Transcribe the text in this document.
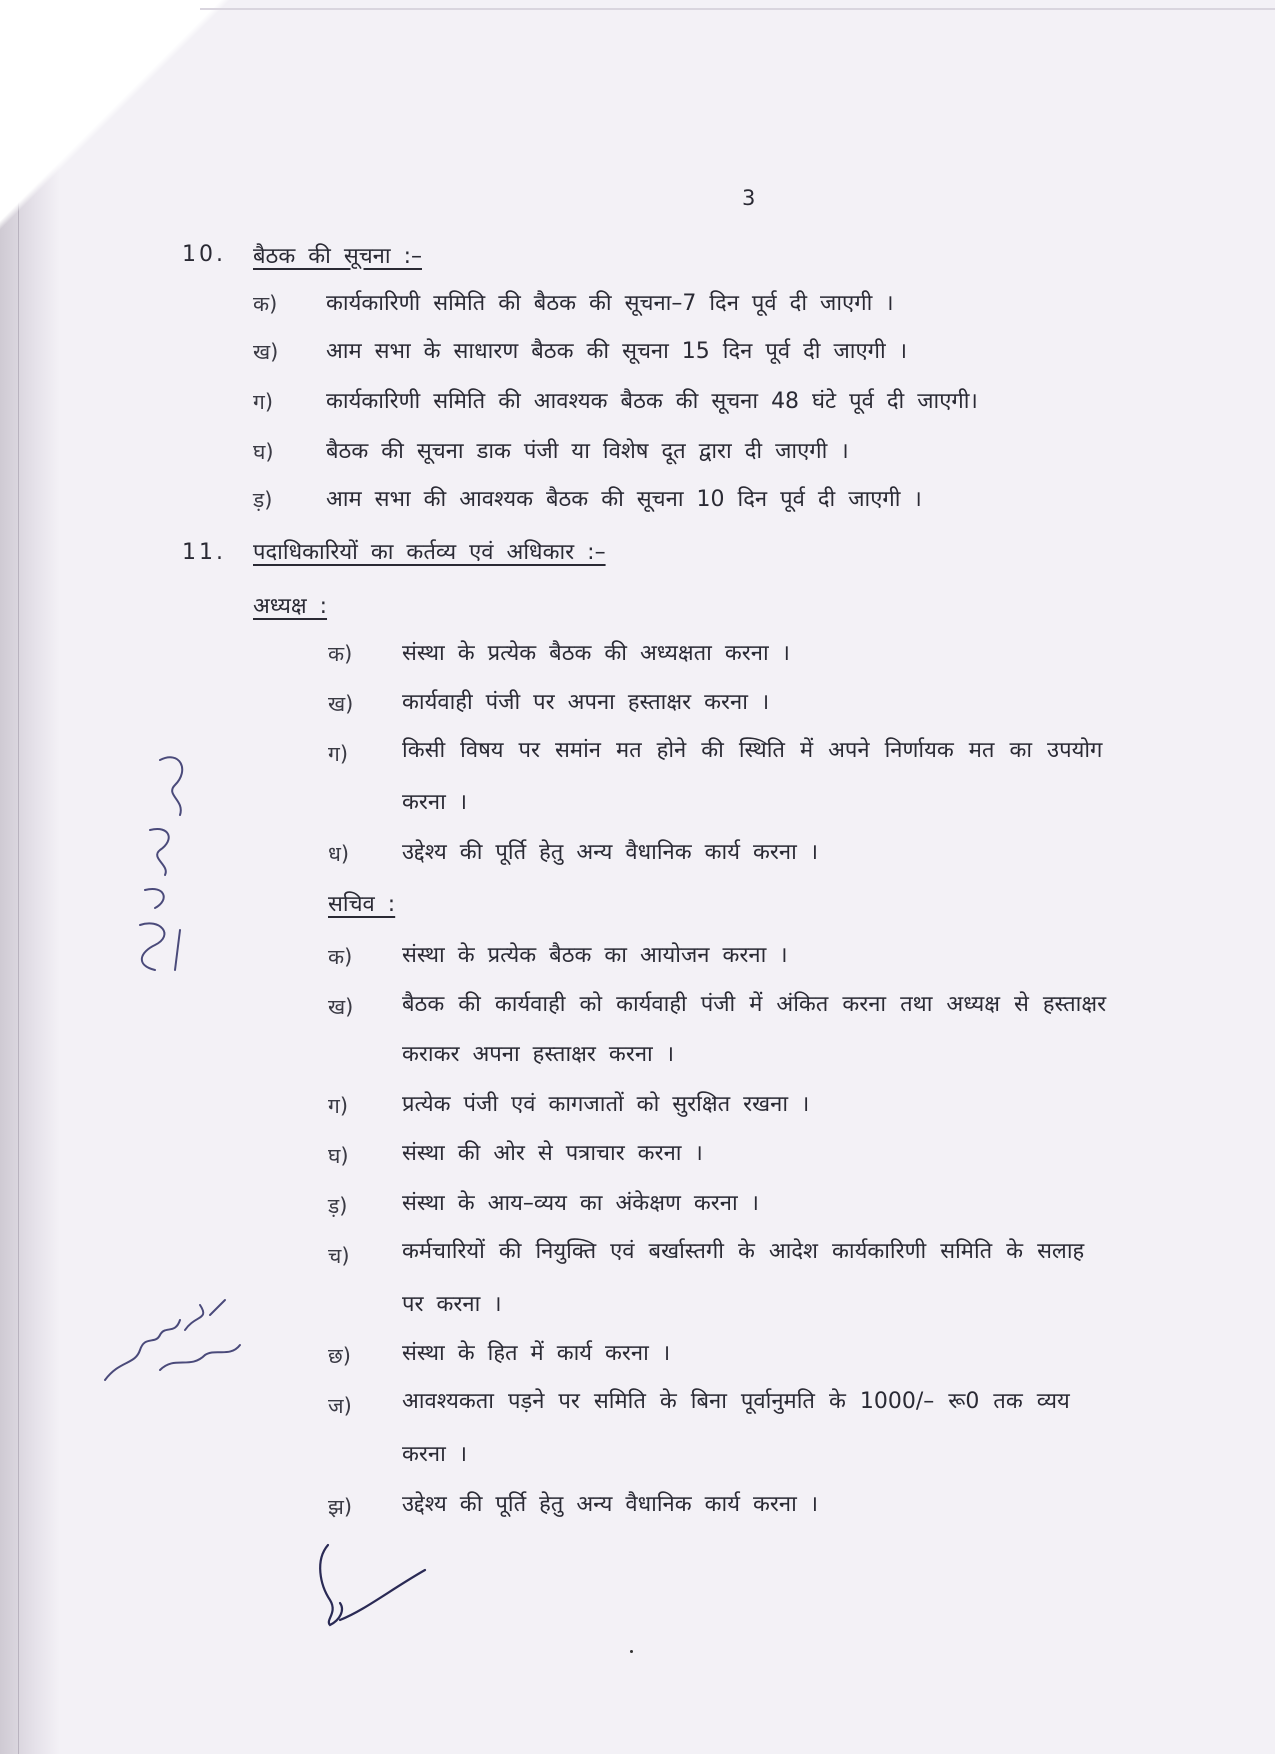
3
10. बैठक की सूचना :–
क) कार्यकारिणी समिति की बैठक की सूचना–7 दिन पूर्व दी जाएगी ।
ख) आम सभा के साधारण बैठक की सूचना 15 दिन पूर्व दी जाएगी ।
ग) कार्यकारिणी समिति की आवश्यक बैठक की सूचना 48 घंटे पूर्व दी जाएगी।
घ) बैठक की सूचना डाक पंजी या विशेष दूत द्वारा दी जाएगी ।
ड़) आम सभा की आवश्यक बैठक की सूचना 10 दिन पूर्व दी जाएगी ।
11. पदाधिकारियों का कर्तव्य एवं अधिकार :–
अध्यक्ष :
क) संस्था के प्रत्येक बैठक की अध्यक्षता करना ।
ख) कार्यवाही पंजी पर अपना हस्ताक्षर करना ।
ग) किसी विषय पर समांन मत होने की स्थिति में अपने निर्णायक मत का उपयोग
करना ।
ध) उद्देश्य की पूर्ति हेतु अन्य वैधानिक कार्य करना ।
सचिव :
क) संस्था के प्रत्येक बैठक का आयोजन करना ।
ख) बैठक की कार्यवाही को कार्यवाही पंजी में अंकित करना तथा अध्यक्ष से हस्ताक्षर
कराकर अपना हस्ताक्षर करना ।
ग) प्रत्येक पंजी एवं कागजातों को सुरक्षित रखना ।
घ) संस्था की ओर से पत्राचार करना ।
ड़) संस्था के आय–व्यय का अंकेक्षण करना ।
च) कर्मचारियों की नियुक्ति एवं बर्खास्तगी के आदेश कार्यकारिणी समिति के सलाह
पर करना ।
छ) संस्था के हित में कार्य करना ।
ज) आवश्यकता पड़ने पर समिति के बिना पूर्वानुमति के 1000/– रू0 तक व्यय
करना ।
झ) उद्देश्य की पूर्ति हेतु अन्य वैधानिक कार्य करना ।
